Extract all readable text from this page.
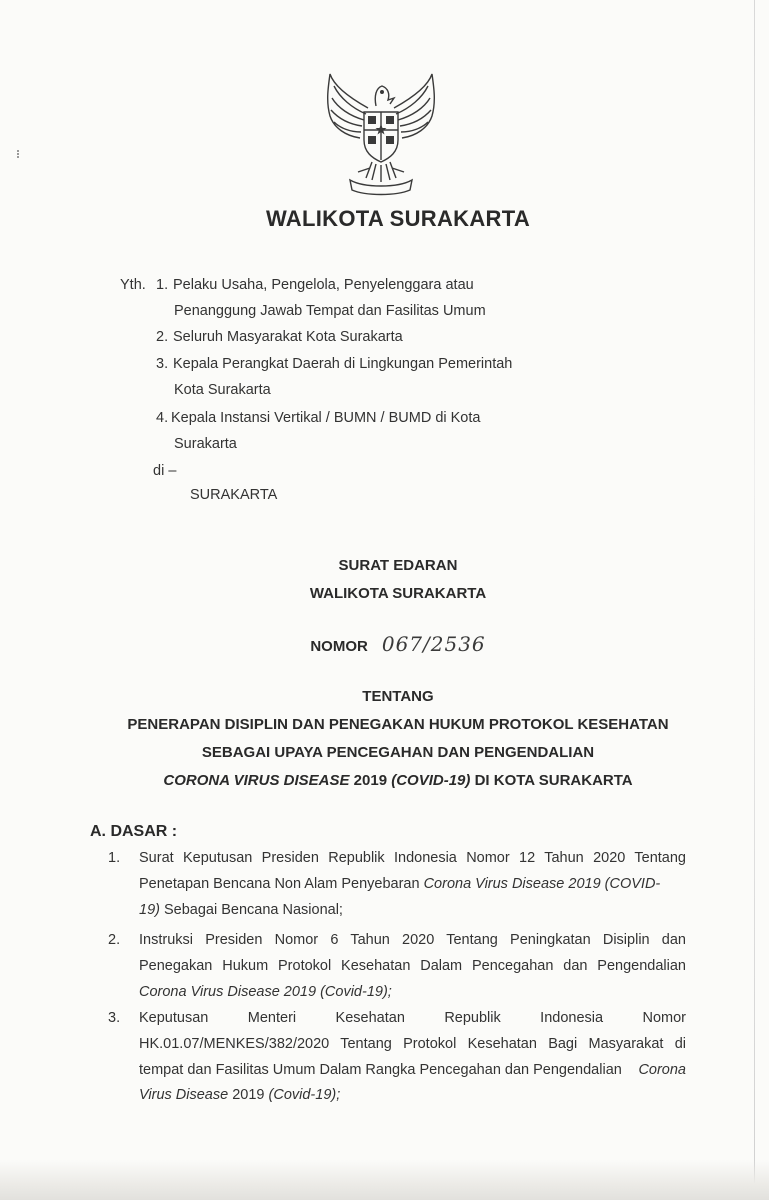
WALIKOTA SURAKARTA
Yth. 1. Pelaku Usaha, Pengelola, Penyelenggara atau
Penanggung Jawab Tempat dan Fasilitas Umum
2. Seluruh Masyarakat Kota Surakarta
3. Kepala Perangkat Daerah di Lingkungan Pemerintah
Kota Surakarta
4. Kepala Instansi Vertikal / BUMN / BUMD di Kota
Surakarta
di –
SURAKARTA
SURAT EDARAN
WALIKOTA SURAKARTA
NOMOR 067/2536
TENTANG
PENERAPAN DISIPLIN DAN PENEGAKAN HUKUM PROTOKOL KESEHATAN
SEBAGAI UPAYA PENCEGAHAN DAN PENGENDALIAN
CORONA VIRUS DISEASE 2019 (COVID-19) DI KOTA SURAKARTA
A. DASAR :
1. Surat Keputusan Presiden Republik Indonesia Nomor 12 Tahun 2020 Tentang
Penetapan Bencana Non Alam Penyebaran Corona Virus Disease 2019 (COVID-
19) Sebagai Bencana Nasional;
2. Instruksi Presiden Nomor 6 Tahun 2020 Tentang Peningkatan Disiplin dan
Penegakan Hukum Protokol Kesehatan Dalam Pencegahan dan Pengendalian
Corona Virus Disease 2019 (Covid-19);
3. Keputusan Menteri Kesehatan Republik Indonesia Nomor
HK.01.07/MENKES/382/2020 Tentang Protokol Kesehatan Bagi Masyarakat di
tempat dan Fasilitas Umum Dalam Rangka Pencegahan dan Pengendalian Corona
Virus Disease 2019 (Covid-19);
